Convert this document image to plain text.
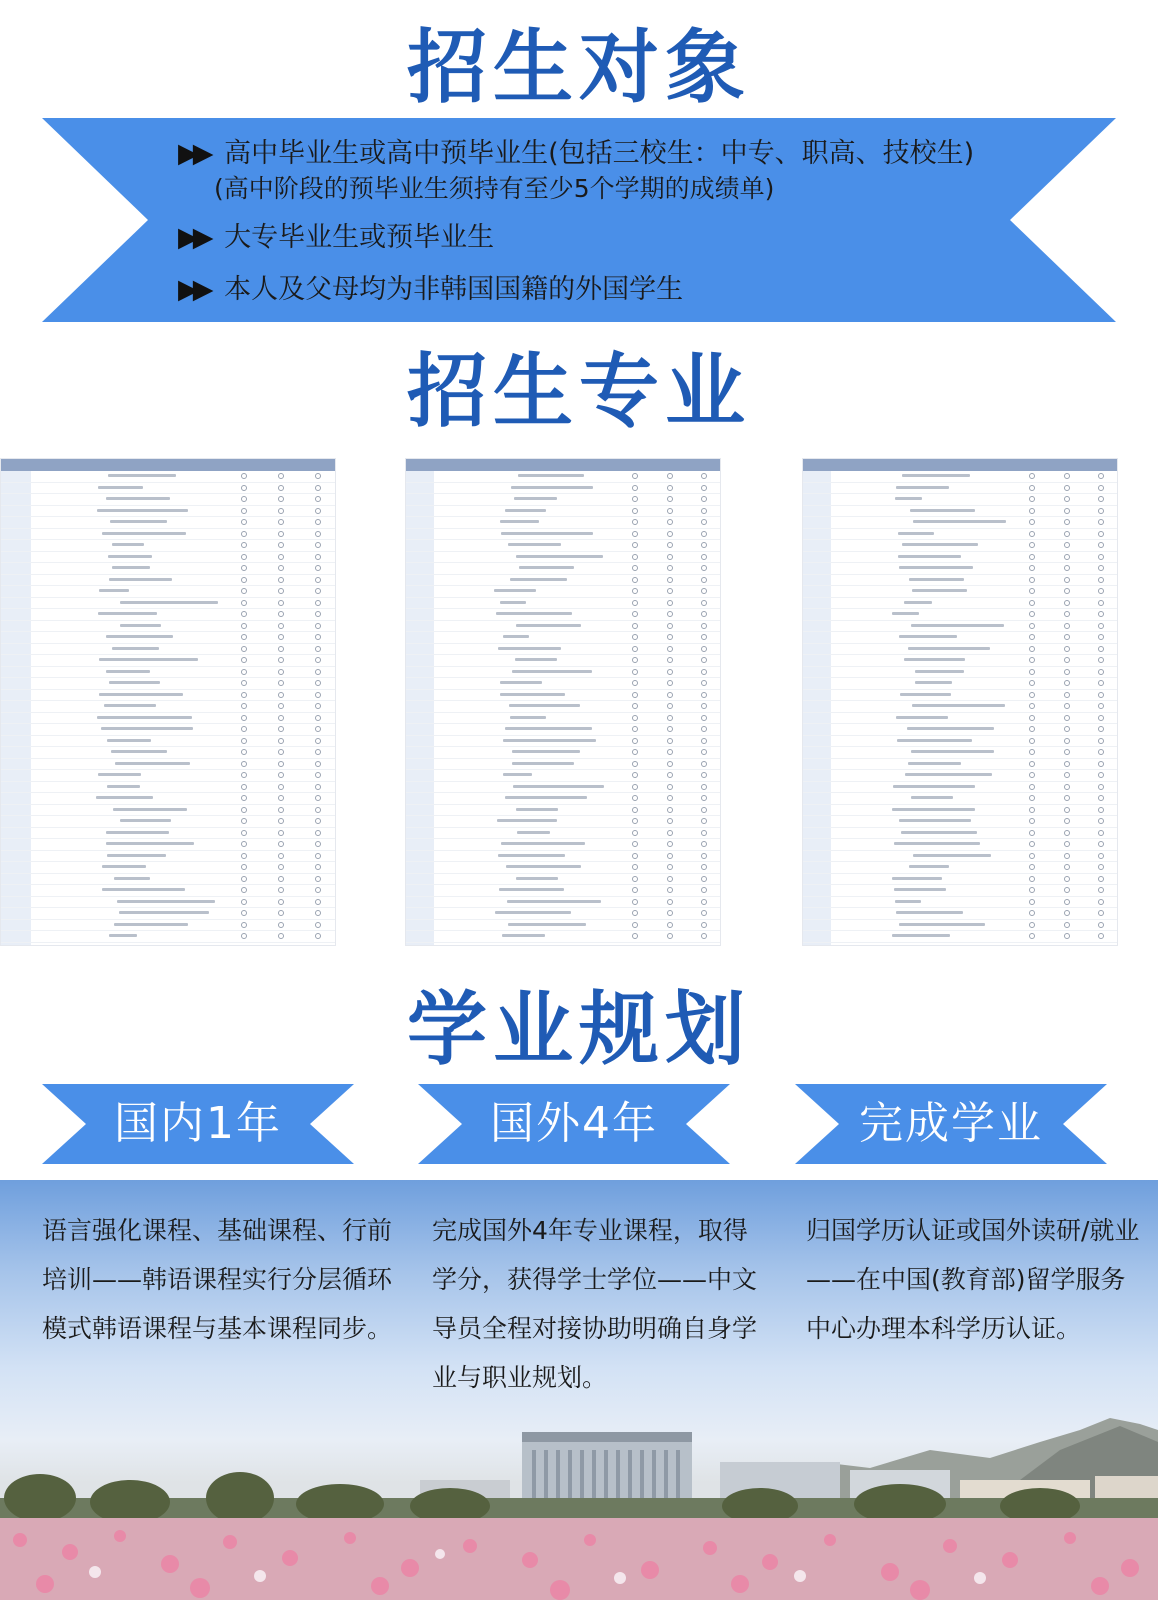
招生对象
▶▶ 高中毕业生或高中预毕业生(包括三校生：中专、职高、技校生)
(高中阶段的预毕业生须持有至少5个学期的成绩单)
▶▶ 大专毕业生或预毕业生
▶▶ 本人及父母均为非韩国国籍的外国学生
招生专业
学业规划
国内1年	国外4年	完成学业
语言强化课程、基础课程、行前培训——韩语课程实行分层循环模式韩语课程与基本课程同步。
完成国外4年专业课程，取得学分，获得学士学位——中文导员全程对接协助明确自身学业与职业规划。
归国学历认证或国外读研/就业——在中国(教育部)留学服务中心办理本科学历认证。
